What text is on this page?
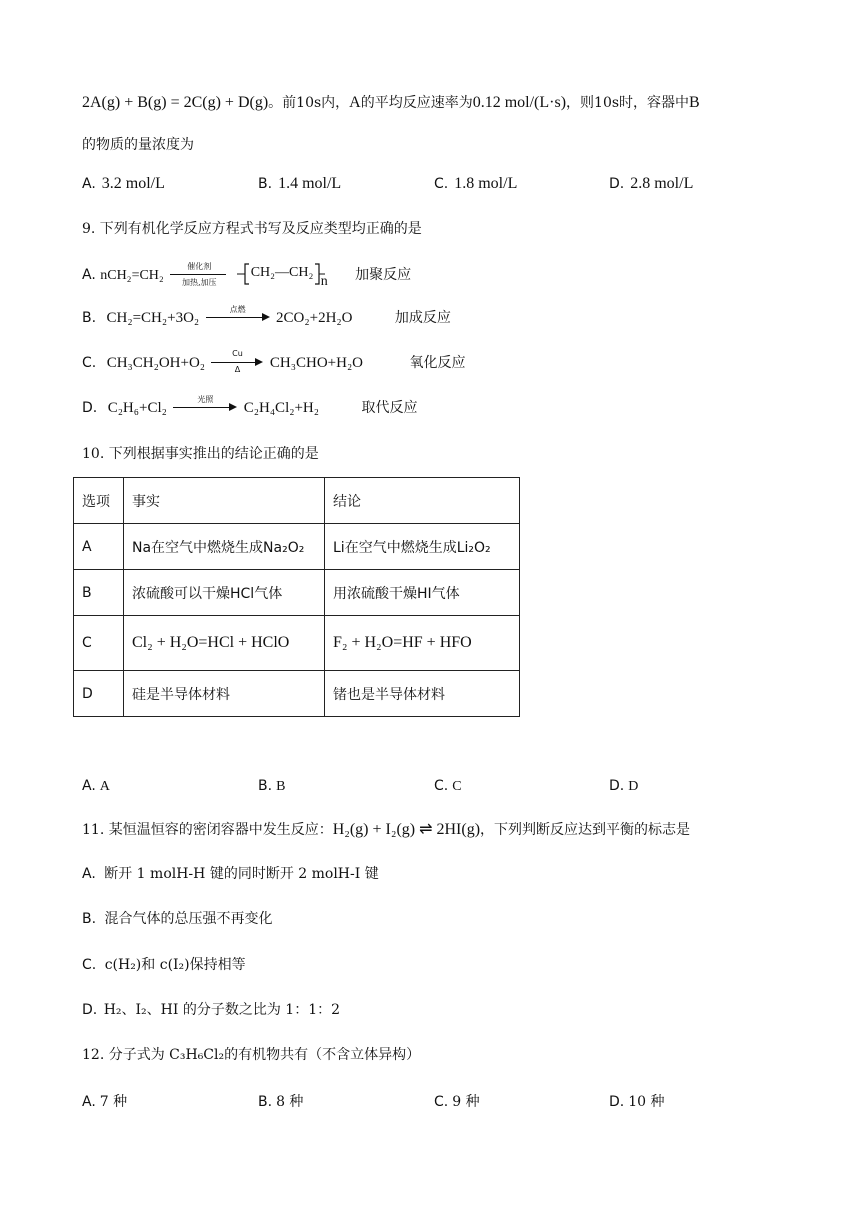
2A(g) + B(g) = 2C(g) + D(g)。前10s内，A的平均反应速率为0.12 mol/(L·s)，则10s时，容器中B
的物质的量浓度为
A. 3.2 mol/L	B. 1.4 mol/L	C. 1.8 mol/L	D. 2.8 mol/L
9. 下列有机化学反应方程式书写及反应类型均正确的是
A. nCH₂=CH₂
催化剂
加热,加压

CH₂—CH₂
n 加聚反应
B. CH₂=CH₂+3O₂
点燃
2CO₂+2H₂O	加成反应
C. $CH_3CH_2OH+O_2 \frac{Cu}{\Delta} CH_3CHO+H_2O$	氧化反应
D. C₂H₆+Cl₂
光照
C₂H₄Cl₂+H₂	取代反应
10. 下列根据事实推出的结论正确的是
选项	事实	结论
A	Na在空气中燃烧生成Na₂O₂	Li在空气中燃烧生成Li₂O₂
B	浓硫酸可以干燥HCl气体	用浓硫酸干燥HI气体
C	Cl₂ + H₂O=HCl + HClO	F₂ + H₂O=HF + HFO
D	硅是半导体材料	锗也是半导体材料
A. A	B. B	C. C	D. D
11. 某恒温恒容的密闭容器中发生反应：H₂(g) + I₂(g) ⇌ 2HI(g)，下列判断反应达到平衡的标志是
A. 断开 1 molH-H 键的同时断开 2 molH-I 键
B. 混合气体的总压强不再变化
C. c(H₂)和 c(I₂)保持相等
D. H₂、I₂、HI 的分子数之比为 1：1：2
12. 分子式为 C₃H₆Cl₂的有机物共有（不含立体异构）
A. 7 种	B. 8 种	C. 9 种	D. 10 种
